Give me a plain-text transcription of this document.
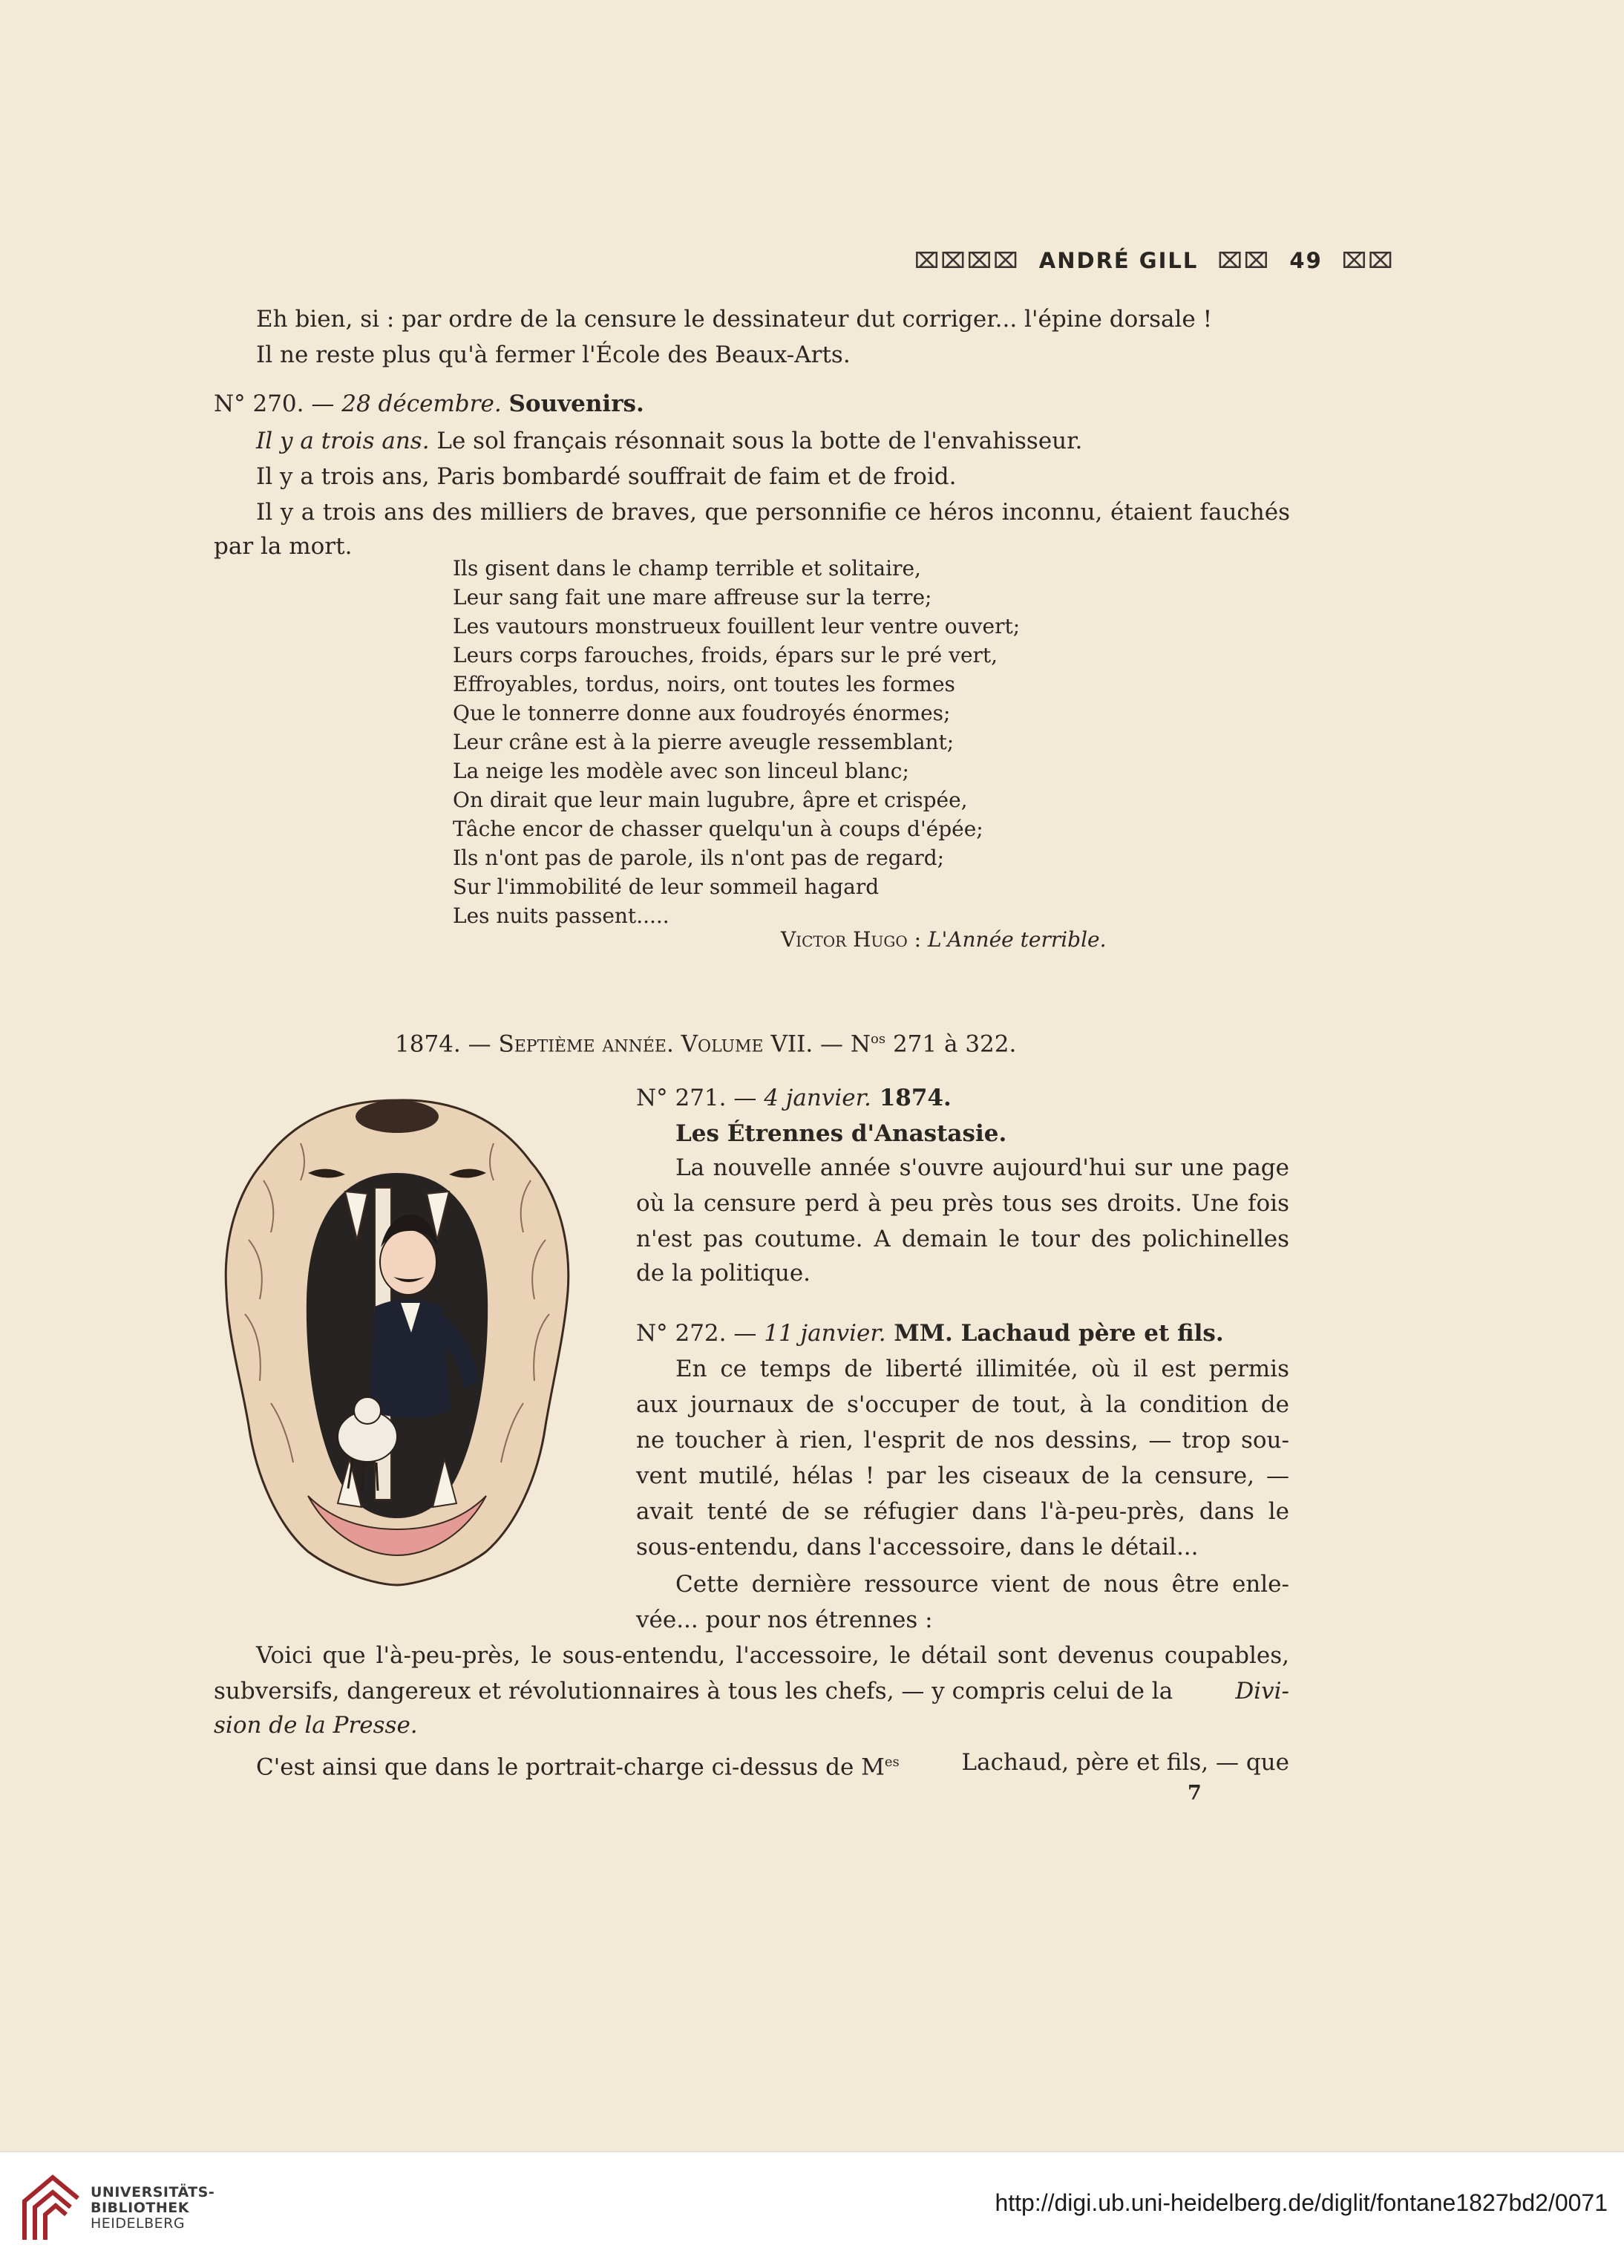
⌧⌧⌧⌧ ANDRÉ GILL ⌧⌧ 49 ⌧⌧
Eh bien, si : par ordre de la censure le dessinateur dut corriger... l'épine dorsale !
Il ne reste plus qu'à fermer l'École des Beaux-Arts.
N° 270. — 28 décembre. Souvenirs.
Il y a trois ans. Le sol français résonnait sous la botte de l'envahisseur.
Il y a trois ans, Paris bombardé souffrait de faim et de froid.
Il y a trois ans des milliers de braves, que personnifie ce héros inconnu, étaient fauchés
par la mort.
Ils gisent dans le champ terrible et solitaire,
Leur sang fait une mare affreuse sur la terre;
Les vautours monstrueux fouillent leur ventre ouvert;
Leurs corps farouches, froids, épars sur le pré vert,
Effroyables, tordus, noirs, ont toutes les formes
Que le tonnerre donne aux foudroyés énormes;
Leur crâne est à la pierre aveugle ressemblant;
La neige les modèle avec son linceul blanc;
On dirait que leur main lugubre, âpre et crispée,
Tâche encor de chasser quelqu'un à coups d'épée;
Ils n'ont pas de parole, ils n'ont pas de regard;
Sur l'immobilité de leur sommeil hagard
Les nuits passent.....
Victor Hugo : L'Année terrible.
1874. — Septième année. Volume VII. — $N^{os}$ 271 à 322.
N° 271. — 4 janvier. 1874.
Les Étrennes d'Anastasie.
La nouvelle année s'ouvre aujourd'hui sur une page
où la censure perd à peu près tous ses droits. Une fois
n'est pas coutume. A demain le tour des polichinelles
de la politique.
N° 272. — 11 janvier. MM. Lachaud père et fils.
En ce temps de liberté illimitée, où il est permis
aux journaux de s'occuper de tout, à la condition de
ne toucher à rien, l'esprit de nos dessins, — trop sou-
vent mutilé, hélas ! par les ciseaux de la censure, —
avait tenté de se réfugier dans l'à-peu-près, dans le
sous-entendu, dans l'accessoire, dans le détail...
Cette dernière ressource vient de nous être enle-
vée... pour nos étrennes :
Voici que l'à-peu-près, le sous-entendu, l'accessoire, le détail sont devenus coupables,
subversifs, dangereux et révolutionnaires à tous les chefs, — y compris celui de la	Divi-
sion de la Presse.
C'est ainsi que dans le portrait-charge ci-dessus de $M^{es}$	Lachaud, père et fils, — que
7
UNIVERSITÄTS-
BIBLIOTHEK
HEIDELBERG
http://digi.ub.uni-heidelberg.de/diglit/fontane1827bd2/0071
